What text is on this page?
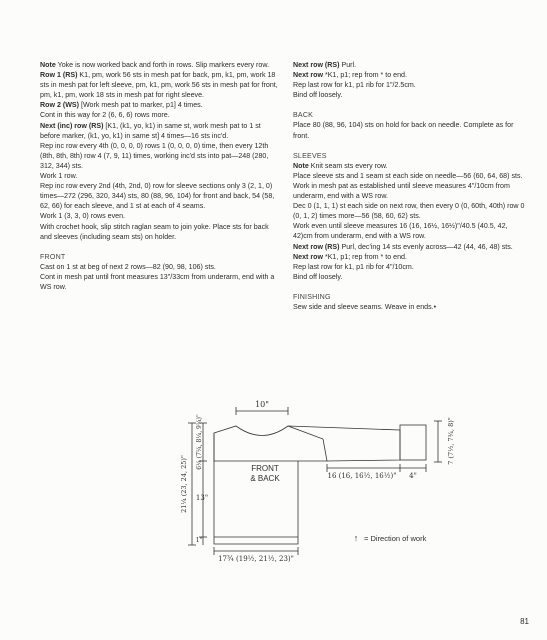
Note Yoke is now worked back and forth in rows. Slip markers every row.

Row 1 (RS) K1, pm, work 56 sts in mesh pat for back, pm, k1, pm, work 18 sts in mesh pat for left sleeve, pm, k1, pm, work 56 sts in mesh pat for front, pm, k1, pm, work 18 sts in mesh pat for right sleeve.

Row 2 (WS) [Work mesh pat to marker, p1] 4 times.

Cont in this way for 2 (6, 6, 6) rows more.

Next (inc) row (RS) [K1, (k1, yo, k1) in same st, work mesh pat to 1 st before marker, (k1, yo, k1) in same st] 4 times—16 sts inc'd.

Rep inc row every 4th (0, 0, 0, 0) rows 1 (0, 0, 0, 0) time, then every 12th (8th, 8th, 8th) row 4 (7, 9, 11) times, working inc'd sts into pat—248 (280, 312, 344) sts.

Work 1 row.

Rep inc row every 2nd (4th, 2nd, 0) row for sleeve sections only 3 (2, 1, 0) times—272 (296, 320, 344) sts, 80 (88, 96, 104) for front and back, 54 (58, 62, 66) for each sleeve, and 1 st at each of 4 seams.

Work 1 (3, 3, 0) rows even.

With crochet hook, slip stitch raglan seam to join yoke. Place sts for back and sleeves (including seam sts) on holder.

FRONT

Cast on 1 st at beg of next 2 rows—82 (90, 98, 106) sts.

Cont in mesh pat until front measures 13"/33cm from underarm, end with a WS row.

Next row (RS) Purl.

Next row *K1, p1; rep from * to end.

Rep last row for k1, p1 rib for 1"/2.5cm.

Bind off loosely.

BACK

Place 80 (88, 96, 104) sts on hold for back on needle. Complete as for front.

SLEEVES

Note Knit seam sts every row.

Place sleeve sts and 1 seam st each side on needle—56 (60, 64, 68) sts.

Work in mesh pat as established until sleeve measures 4"/10cm from underarm, end with a WS row.

Dec 0 (1, 1, 1) st each side on next row, then every 0 (0, 60th, 40th) row 0 (0, 1, 2) times more—56 (58, 60, 62) sts.

Work even until sleeve measures 16 (16, 16½, 16½)"/40.5 (40.5, 42, 42)cm from underarm, end with a WS row.

Next row (RS) Purl, dec'ing 14 sts evenly across—42 (44, 46, 48) sts.

Next row *K1, p1; rep from * to end.

Rep last row for k1, p1 rib for 4"/10cm.

Bind off loosely.

FINISHING

Sew side and sleeve seams. Weave in ends.•

10"
FRONT
& BACK
21¼ (23, 24, 25)"
6¼ (7¼, 8¼, 9¼)"
13"
1"
17¾ (19½, 21½, 23)"
16 (16, 16½, 16½)" 4"
7 (7½, 7¾, 8)"
↑ = Direction of work
81
